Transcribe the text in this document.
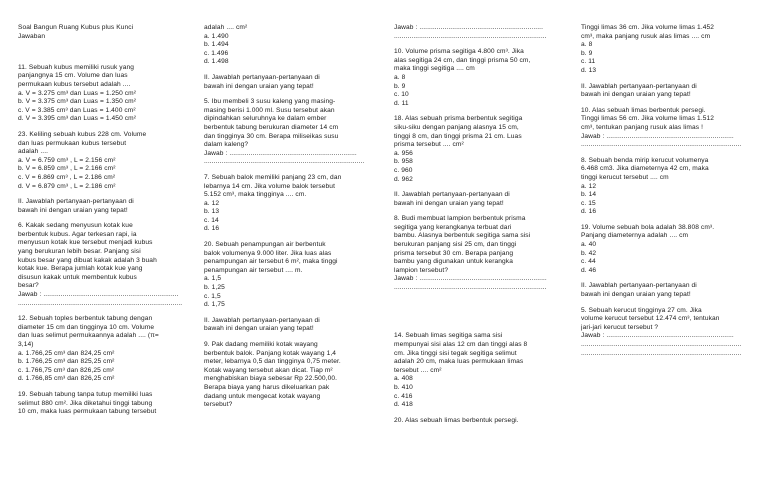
Soal Bangun Ruang Kubus plus Kunci
Jawaban
11. Sebuah kubus memiliki rusuk yang
panjangnya 15 cm. Volume dan luas
permukaan kubus tersebut adalah ....
a. V = 3.275 cm³ dan Luas = 1.250 cm²
b. V = 3.375 cm³ dan Luas = 1.350 cm²
c. V = 3.385 cm³ dan Luas = 1.400 cm²
d. V = 3.395 cm³ dan Luas = 1.450 cm²
23. Keliling sebuah kubus 228 cm. Volume
dan luas permukaan kubus tersebut
adalah ....
a. V = 6.759 cm³ , L = 2.156 cm²
b. V = 6.859 cm³ , L = 2.166 cm²
c. V = 6.869 cm³ , L = 2.186 cm²
d. V = 6.879 cm³ , L = 2.186 cm²
II. Jawablah pertanyaan-pertanyaan di
bawah ini dengan uraian yang tepat!
6. Kakak sedang menyusun kotak kue
berbentuk kubus. Agar terkesan rapi, ia
menyusun kotak kue tersebut menjadi kubus
yang berukuran lebih besar. Panjang sisi
kubus besar yang dibuat kakak adalah 3 buah
kotak kue. Berapa jumlah kotak kue yang
disusun kakak untuk membentuk kubus
besar?
Jawab : ......................................................................
.....................................................................................
12. Sebuah toples berbentuk tabung dengan
diameter 15 cm dan tingginya 10 cm. Volume
dan luas selimut permukaannya adalah .... (π=
3,14)
a. 1.766,25 cm³ dan 824,25 cm²
b. 1.766,25 cm³ dan 825,25 cm²
c. 1.766,75 cm³ dan 826,25 cm²
d. 1.766,85 cm³ dan 826,25 cm²
19. Sebuah tabung tanpa tutup memiliki luas
selimut 880 cm². Jika diketahui tinggi tabung
10 cm, maka luas permukaan tabung tersebut
adalah .... cm²
a. 1.490
b. 1.494
c. 1.496
d. 1.498
II. Jawablah pertanyaan-pertanyaan di
bawah ini dengan uraian yang tepat!
5. Ibu membeli 3 susu kaleng yang masing-
masing berisi 1.000 ml. Susu tersebut akan
dipindahkan seluruhnya ke dalam ember
berbentuk tabung berukuran diameter 14 cm
dan tingginya 30 cm. Berapa miliseikas susu
dalam kaleng?
Jawab : ..................................................................
...................................................................................
7. Sebuah balok memiliki panjang 23 cm, dan
lebarnya 14 cm. Jika volume balok tersebut
5.152 cm³, maka tingginya .... cm.
a. 12
b. 13
c. 14
d. 16
20. Sebuah penampungan air berbentuk
balok volumenya 9.000 liter. Jika luas alas
penampungan air tersebut 6 m², maka tinggi
penampungan air tersebut .... m.
a. 1,5
b. 1,25
c. 1,5
d. 1,75
II. Jawablah pertanyaan-pertanyaan di
bawah ini dengan uraian yang tepat!
9. Pak dadang memiliki kotak wayang
berbentuk balok. Panjang kotak wayang 1,4
meter, lebarnya 0,5 dan tingginya 0,75 meter.
Kotak wayang tersebut akan dicat. Tiap m²
menghabiskan biaya sebesar Rp 22.500,00.
Berapa biaya yang harus dikeluarkan pak
dadang untuk mengecat kotak wayang
tersebut?
Jawab : ................................................................
...............................................................................
10. Volume prisma segitiga 4.800 cm³. Jika
alas segitiga 24 cm, dan tinggi prisma 50 cm,
maka tinggi segitiga .... cm
a. 8
b. 9
c. 10
d. 11
18. Alas sebuah prisma berbentuk segitiga
siku-siku dengan panjang alasnya 15 cm,
tinggi 8 cm, dan tinggi prisma 21 cm. Luas
prisma tersebut .... cm²
a. 956
b. 958
c. 960
d. 962
II. Jawablah pertanyaan-pertanyaan di
bawah ini dengan uraian yang tepat!
8. Budi membuat lampion berbentuk prisma
segitiga yang kerangkanya terbuat dari
bambu. Alasnya berbentuk segitiga sama sisi
berukuran panjang sisi 25 cm, dan tinggi
prisma tersebut 30 cm. Berapa panjang
bambu yang digunakan untuk kerangka
lampion tersebut?
Jawab : ..................................................................
...............................................................................
14. Sebuah limas segitiga sama sisi
mempunyai sisi alas 12 cm dan tinggi alas 8
cm. Jika tinggi sisi tegak segitiga selimut
adalah 20 cm, maka luas permukaan limas
tersebut .... cm²
a. 408
b. 410
c. 416
d. 418
20. Alas sebuah limas berbentuk persegi.
Tinggi limas 36 cm. Jika volume limas 1.452
cm³, maka panjang rusuk alas limas .... cm
a. 8
b. 9
c. 11
d. 13
II. Jawablah pertanyaan-pertanyaan di
bawah ini dengan uraian yang tepat!
10. Alas sebuah limas berbentuk persegi.
Tinggi limas 56 cm. Jika volume limas 1.512
cm³, tentukan panjang rusuk alas limas !
Jawab : ..................................................................
...................................................................................
8. Sebuah benda mirip kerucut volumenya
6.468 cm3. Jika diameternya 42 cm, maka
tinggi kerucut tersebut .... cm
a. 12
b. 14
c. 15
d. 16
19. Volume sebuah bola adalah 38.808 cm³.
Panjang diameternya adalah .... cm
a. 40
b. 42
c. 44
d. 46
II. Jawablah pertanyaan-pertanyaan di
bawah ini dengan uraian yang tepat!
5. Sebuah kerucut tingginya 27 cm. Jika
volume kerucut tersebut 12.474 cm³, tentukan
jari-jari kerucut tersebut ?
Jawab : ..................................................................
...................................................................................
...................................................................................
